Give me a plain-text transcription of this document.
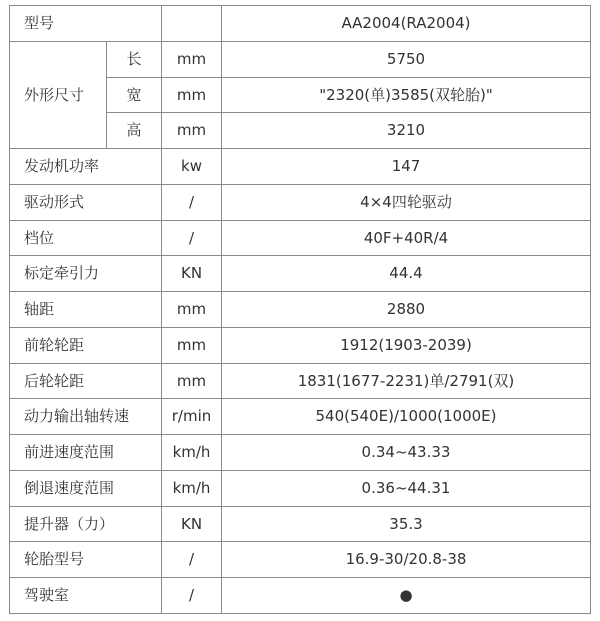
型号			AA2004(RA2004)
外形尺寸	长	mm	5750
	宽	mm	"2320(单)3585(双轮胎)"
	高	mm	3210
发动机功率		kw	147
驱动形式		/	4×4四轮驱动
档位		/	40F+40R/4
标定牵引力		KN	44.4
轴距		mm	2880
前轮轮距		mm	1912(1903-2039)
后轮轮距		mm	1831(1677-2231)单/2791(双)
动力输出轴转速		r/min	540(540E)/1000(1000E)
前进速度范围		km/h	0.34~43.33
倒退速度范围		km/h	0.36~44.31
提升器（力）		KN	35.3
轮胎型号		/	16.9-30/20.8-38
驾驶室		/	●
